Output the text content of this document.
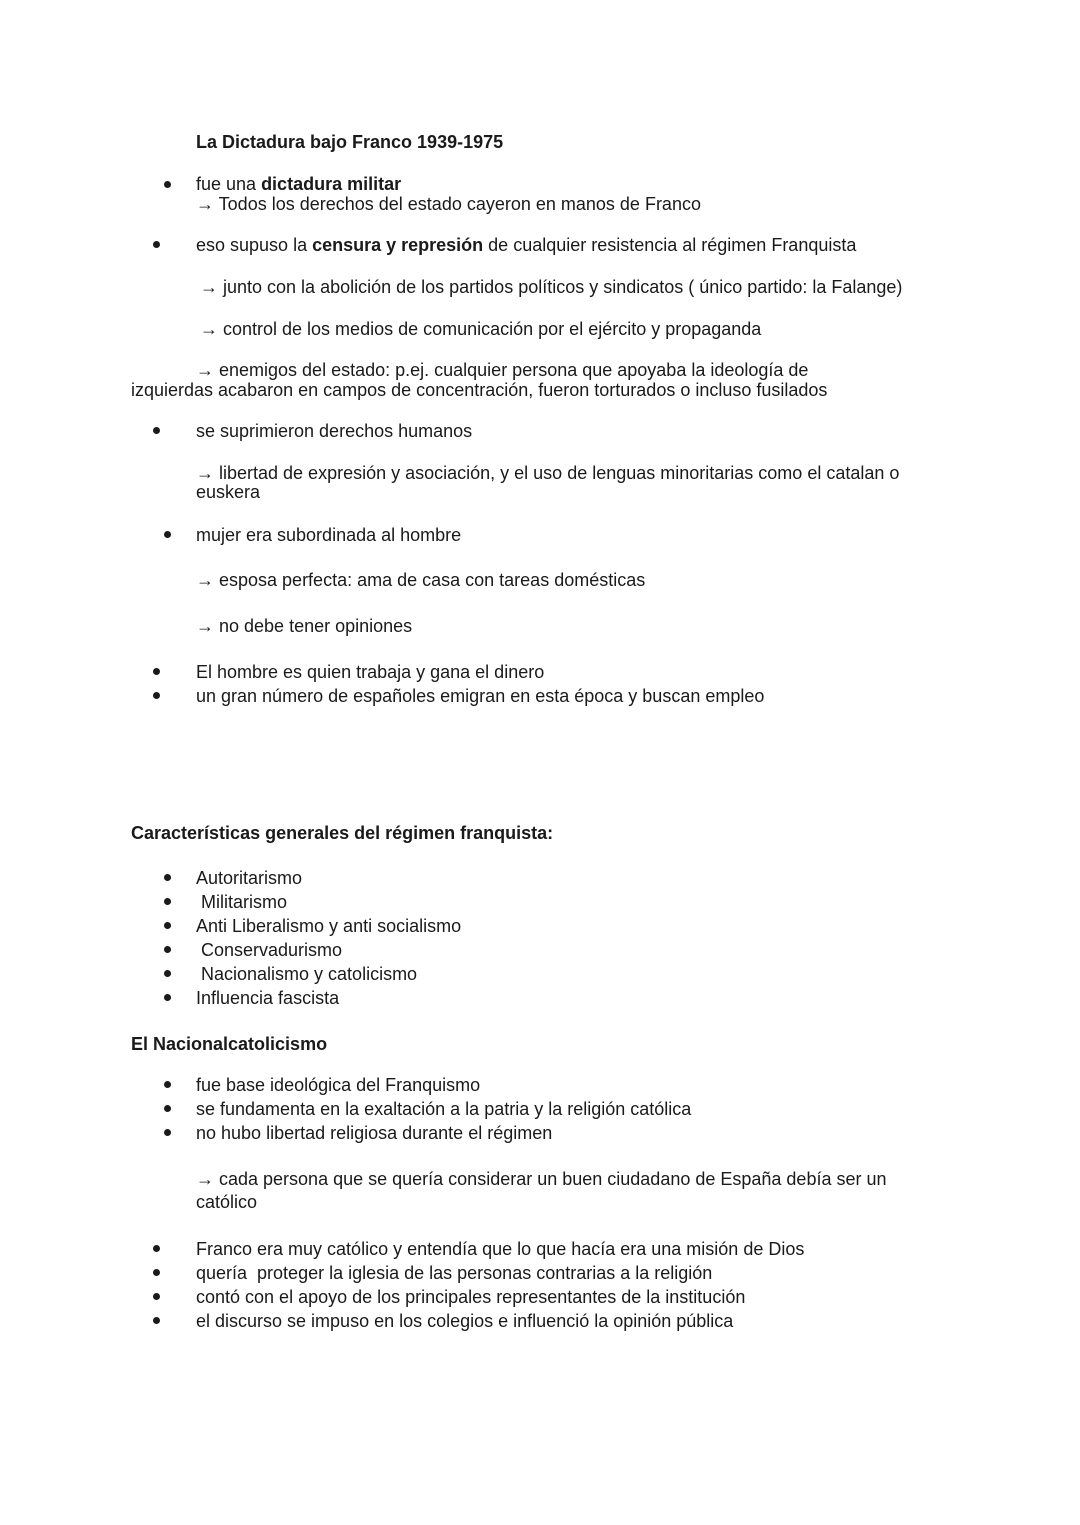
La Dictadura bajo Franco 1939-1975
fue una dictadura militar
→ Todos los derechos del estado cayeron en manos de Franco
eso supuso la censura y represión de cualquier resistencia al régimen Franquista
→ junto con la abolición de los partidos políticos y sindicatos ( único partido: la Falange)
→ control de los medios de comunicación por el ejército y propaganda
→ enemigos del estado: p.ej. cualquier persona que apoyaba la ideología de
izquierdas acabaron en campos de concentración, fueron torturados o incluso fusilados
se suprimieron derechos humanos
→ libertad de expresión y asociación, y el uso de lenguas minoritarias como el catalan o
euskera
mujer era subordinada al hombre
→ esposa perfecta: ama de casa con tareas domésticas
→ no debe tener opiniones
El hombre es quien trabaja y gana el dinero
un gran número de españoles emigran en esta época y buscan empleo
Características generales del régimen franquista:
Autoritarismo
Militarismo
Anti Liberalismo y anti socialismo
Conservadurismo
Nacionalismo y catolicismo
Influencia fascista
El Nacionalcatolicismo
fue base ideológica del Franquismo
se fundamenta en la exaltación a la patria y la religión católica
no hubo libertad religiosa durante el régimen
→ cada persona que se quería considerar un buen ciudadano de España debía ser un
católico
Franco era muy católico y entendía que lo que hacía era una misión de Dios
quería  proteger la iglesia de las personas contrarias a la religión
contó con el apoyo de los principales representantes de la institución
el discurso se impuso en los colegios e influenció la opinión pública
